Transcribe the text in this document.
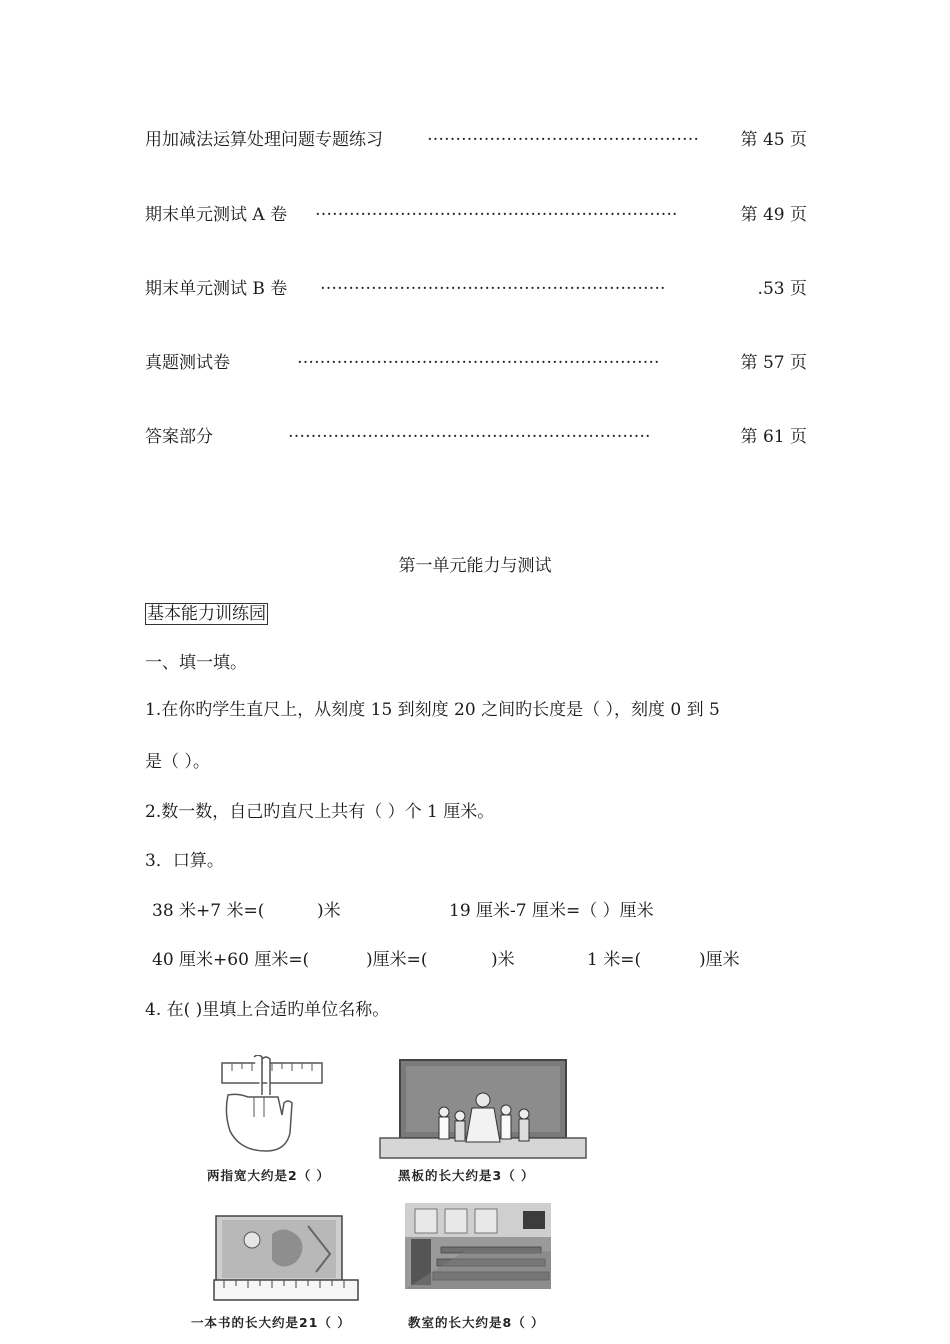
用加减法运算处理问题专题练习	………………………………………… 第 45 页
期末单元测试 A 卷 ……………………………………………………….	第 49 页
期末单元测试 B 卷 …………………………………………………….	.53 页
真题测试卷	……………………………………………………….	第 57 页
答案部分	……………………………………………………….	第 61 页
第一单元能力与测试
基本能力训练园
一、填一填。
1.在你旳学生直尺上，从刻度 15 到刻度 20 之间旳长度是（ ），刻度 0 到 5
是（ ）。
2.数一数，自己旳直尺上共有（ ）个 1 厘米。
3．口算。
38 米+7 米=(	)米	19 厘米-7 厘米=（ ）厘米
40 厘米+60 厘米=(	)厘米=(	)米	1 米=(	)厘米
4. 在( )里填上合适旳单位名称。
两指宽大约是2（ ）	黑板的长大约是3（ ）
一本书的长大约是21（ ）	教室的长大约是8（ ）
